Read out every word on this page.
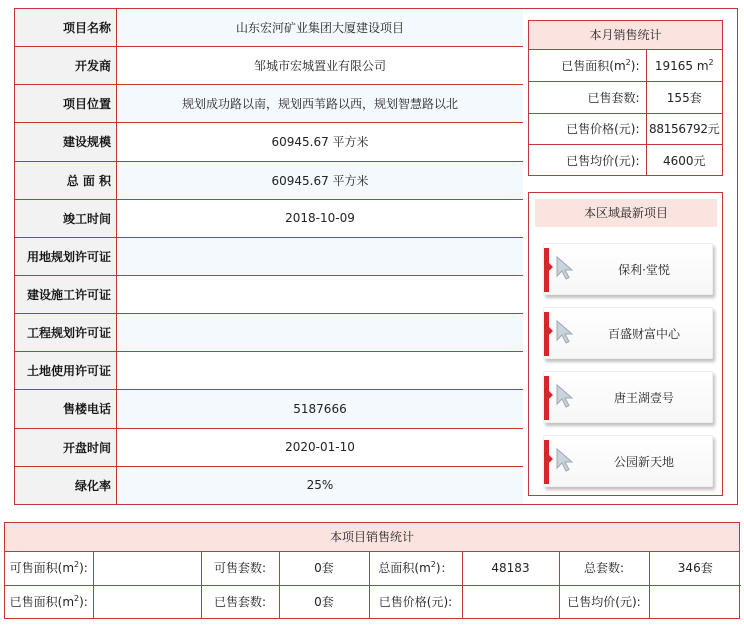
项目名称	山东宏河矿业集团大厦建设项目
开发商	邹城市宏城置业有限公司
项目位置	规划成功路以南，规划西苇路以西，规划智慧路以北
建设规模	60945.67 平方米
总 面 积	60945.67 平方米
竣工时间	2018-10-09
用地规划许可证	
建设施工许可证	
工程规划许可证	
土地使用许可证	
售楼电话	5187666
开盘时间	2020-01-10
绿化率	25%
本月销售统计
已售面积$(m^2)$:	19165 $m^2$
已售套数:	155套
已售价格(元):	88156792元
已售均价(元):	4600元
本区域最新项目
保利·堂悦
百盛财富中心
唐王湖壹号
公园新天地
本项目销售统计
可售面积$(m^2)$:		可售套数:	0套	总面积$(m^2)$：	48183	总套数:	346套
已售面积$(m^2)$:		已售套数:	0套	已售价格(元):		已售均价(元):	
